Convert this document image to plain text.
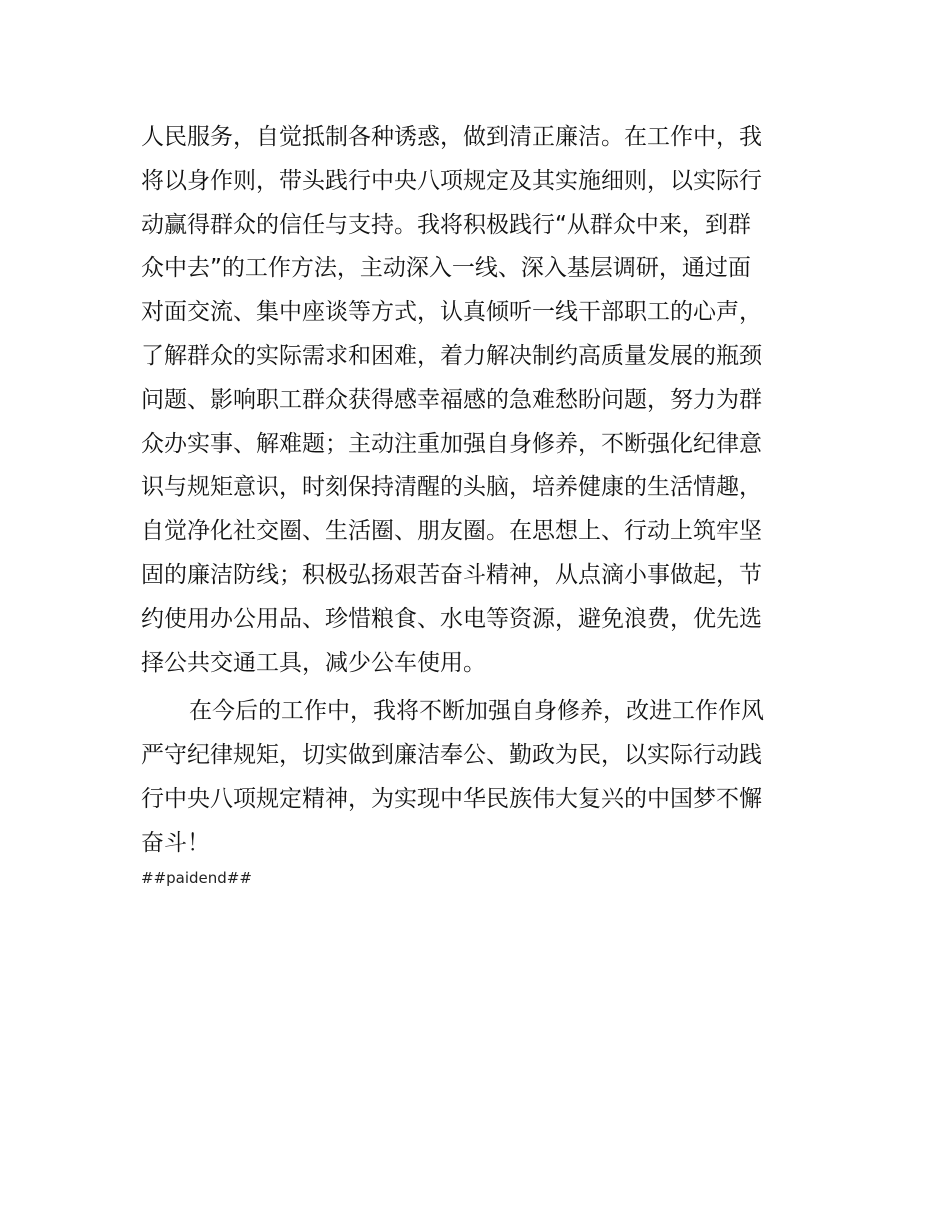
人民服务，自觉抵制各种诱惑，做到清正廉洁。在工作中，我
将以身作则，带头践行中央八项规定及其实施细则，以实际行
动赢得群众的信任与支持。我将积极践行“从群众中来，到群
众中去”的工作方法，主动深入一线、深入基层调研，通过面
对面交流、集中座谈等方式，认真倾听一线干部职工的心声，
了解群众的实际需求和困难，着力解决制约高质量发展的瓶颈
问题、影响职工群众获得感幸福感的急难愁盼问题，努力为群
众办实事、解难题；主动注重加强自身修养，不断强化纪律意
识与规矩意识，时刻保持清醒的头脑，培养健康的生活情趣，
自觉净化社交圈、生活圈、朋友圈。在思想上、行动上筑牢坚
固的廉洁防线；积极弘扬艰苦奋斗精神，从点滴小事做起，节
约使用办公用品、珍惜粮食、水电等资源，避免浪费，优先选
择公共交通工具，减少公车使用。
在今后的工作中，我将不断加强自身修养，改进工作作风
严守纪律规矩，切实做到廉洁奉公、勤政为民，以实际行动践
行中央八项规定精神，为实现中华民族伟大复兴的中国梦不懈
奋斗！
##paidend##
